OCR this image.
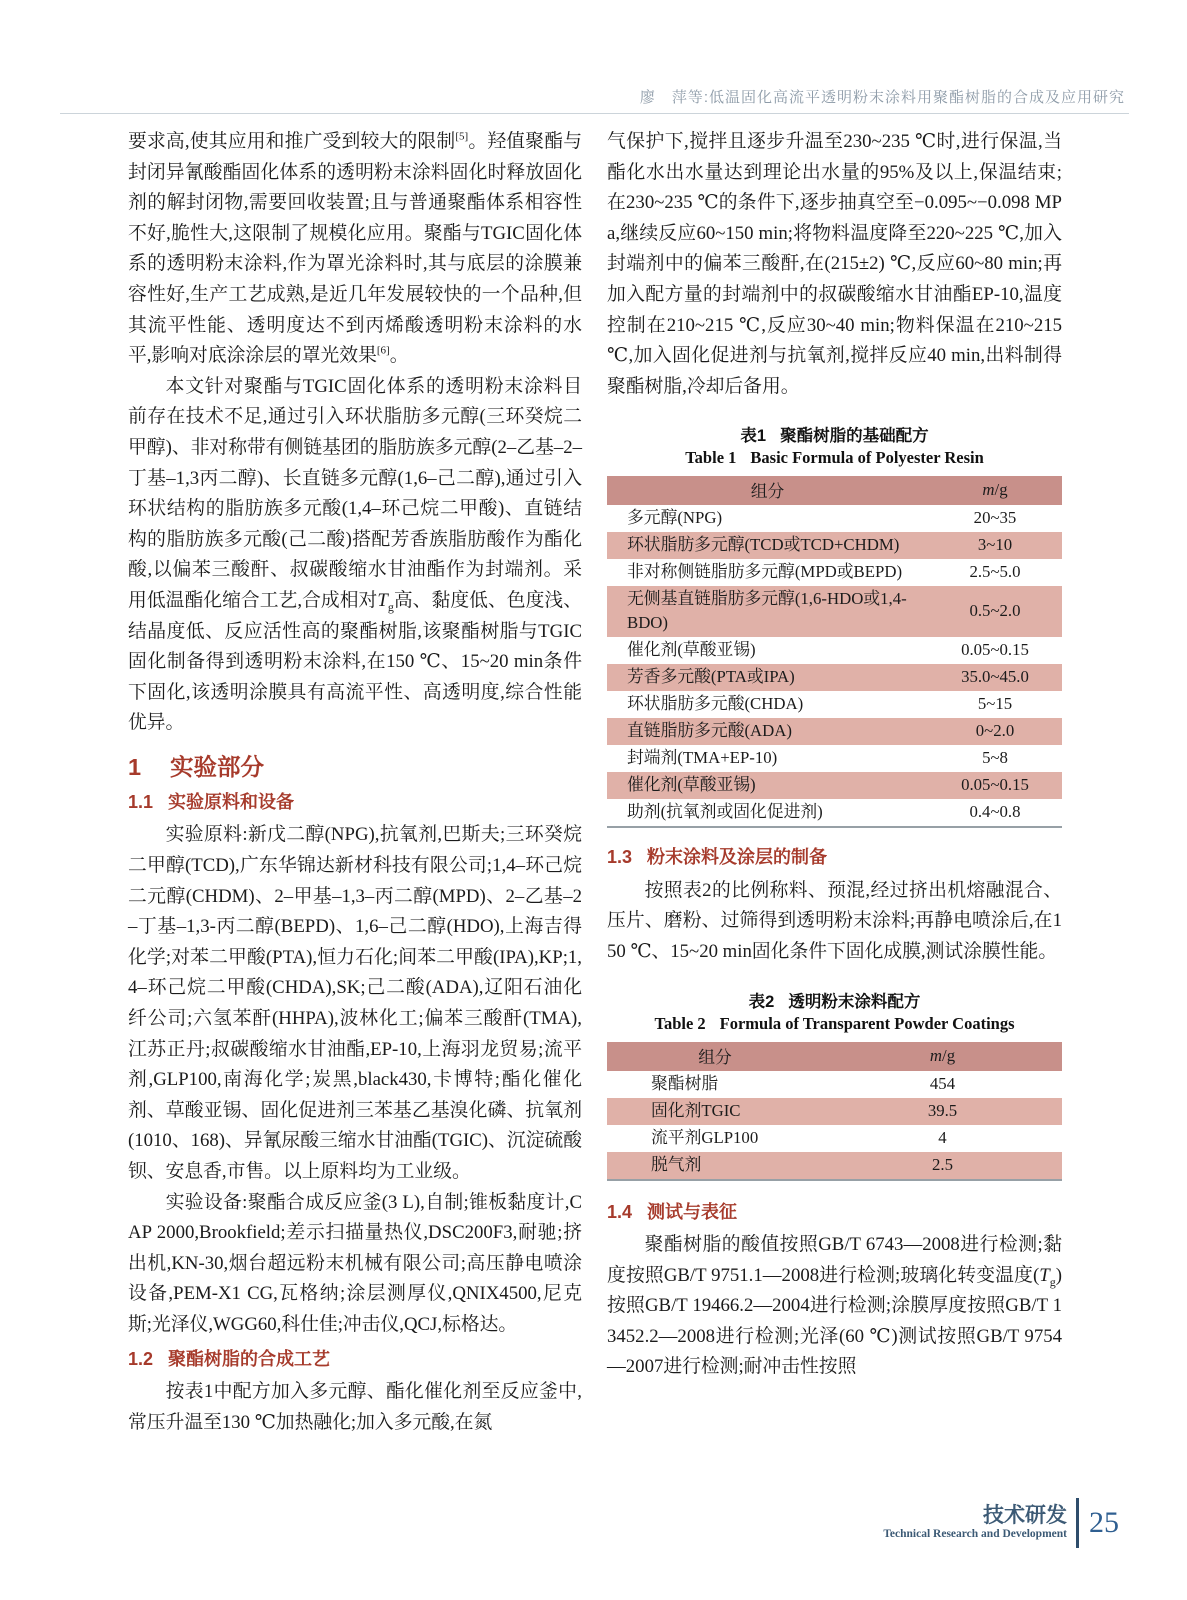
廖　萍等:低温固化高流平透明粉末涂料用聚酯树脂的合成及应用研究

要求高,使其应用和推广受到较大的限制[5]。羟值聚酯与封闭异氰酸酯固化体系的透明粉末涂料固化时释放固化剂的解封闭物,需要回收装置;且与普通聚酯体系相容性不好,脆性大,这限制了规模化应用。聚酯与TGIC固化体系的透明粉末涂料,作为罩光涂料时,其与底层的涂膜兼容性好,生产工艺成熟,是近几年发展较快的一个品种,但其流平性能、透明度达不到丙烯酸透明粉末涂料的水平,影响对底涂涂层的罩光效果[6]。

本文针对聚酯与TGIC固化体系的透明粉末涂料目前存在技术不足,通过引入环状脂肪多元醇(三环癸烷二甲醇)、非对称带有侧链基团的脂肪族多元醇(2–乙基–2–丁基–1,3丙二醇)、长直链多元醇(1,6–己二醇),通过引入环状结构的脂肪族多元酸(1,4–环己烷二甲酸)、直链结构的脂肪族多元酸(己二酸)搭配芳香族脂肪酸作为酯化酸,以偏苯三酸酐、叔碳酸缩水甘油酯作为封端剂。采用低温酯化缩合工艺,合成相对$T_g$高、黏度低、色度浅、结晶度低、反应活性高的聚酯树脂,该聚酯树脂与TGIC固化制备得到透明粉末涂料,在150 ℃、15~20 min条件下固化,该透明涂膜具有高流平性、高透明度,综合性能优异。

1 实验部分
1.1 实验原料和设备

实验原料:新戊二醇(NPG),抗氧剂,巴斯夫;三环癸烷二甲醇(TCD),广东华锦达新材科技有限公司;1,4–环己烷二元醇(CHDM)、2–甲基–1,3–丙二醇(MPD)、2–乙基–2–丁基–1,3-丙二醇(BEPD)、1,6–己二醇(HDO),上海吉得化学;对苯二甲酸(PTA),恒力石化;间苯二甲酸(IPA),KP;1,4–环己烷二甲酸(CHDA),SK;己二酸(ADA),辽阳石油化纤公司;六氢苯酐(HHPA),波林化工;偏苯三酸酐(TMA),江苏正丹;叔碳酸缩水甘油酯,EP-10,上海羽龙贸易;流平剂,GLP100,南海化学;炭黑,black430,卡博特;酯化催化剂、草酸亚锡、固化促进剂三苯基乙基溴化磷、抗氧剂(1010、168)、异氰尿酸三缩水甘油酯(TGIC)、沉淀硫酸钡、安息香,市售。以上原料均为工业级。

实验设备:聚酯合成反应釜(3 L),自制;锥板黏度计,CAP 2000,Brookfield;差示扫描量热仪,DSC200F3,耐驰;挤出机,KN-30,烟台超远粉末机械有限公司;高压静电喷涂设备,PEM-X1 CG,瓦格纳;涂层测厚仪,QNIX4500,尼克斯;光泽仪,WGG60,科仕佳;冲击仪,QCJ,标格达。

1.2 聚酯树脂的合成工艺

按表1中配方加入多元醇、酯化催化剂至反应釜中,常压升温至130 ℃加热融化;加入多元酸,在氮

气保护下,搅拌且逐步升温至230~235 ℃时,进行保温,当酯化水出水量达到理论出水量的95%及以上,保温结束;在230~235 ℃的条件下,逐步抽真空至−0.095~−0.098 MPa,继续反应60~150 min;将物料温度降至220~225 ℃,加入封端剂中的偏苯三酸酐,在(215±2) ℃,反应60~80 min;再加入配方量的封端剂中的叔碳酸缩水甘油酯EP-10,温度控制在210~215 ℃,反应30~40 min;物料保温在210~215 ℃,加入固化促进剂与抗氧剂,搅拌反应40 min,出料制得聚酯树脂,冷却后备用。

表1 聚酯树脂的基础配方
Table 1 Basic Formula of Polyester Resin
组分	m/g
多元醇(NPG)	20~35
环状脂肪多元醇(TCD或TCD+CHDM)	3~10
非对称侧链脂肪多元醇(MPD或BEPD)	2.5~5.0
无侧基直链脂肪多元醇(1,6-HDO或1,4-BDO)	0.5~2.0
催化剂(草酸亚锡)	0.05~0.15
芳香多元酸(PTA或IPA)	35.0~45.0
环状脂肪多元酸(CHDA)	5~15
直链脂肪多元酸(ADA)	0~2.0
封端剂(TMA+EP-10)	5~8
催化剂(草酸亚锡)	0.05~0.15
助剂(抗氧剂或固化促进剂)	0.4~0.8
1.3 粉末涂料及涂层的制备

按照表2的比例称料、预混,经过挤出机熔融混合、压片、磨粉、过筛得到透明粉末涂料;再静电喷涂后,在150 ℃、15~20 min固化条件下固化成膜,测试涂膜性能。

表2 透明粉末涂料配方
Table 2 Formula of Transparent Powder Coatings
组分	m/g
聚酯树脂	454
固化剂TGIC	39.5
流平剂GLP100	4
脱气剂	2.5
1.4 测试与表征

聚酯树脂的酸值按照GB/T 6743—2008进行检测;黏度按照GB/T 9751.1—2008进行检测;玻璃化转变温度$(T_g)$按照GB/T 19466.2—2004进行检测;涂膜厚度按照GB/T 13452.2—2008进行检测;光泽(60 ℃)测试按照GB/T 9754—2007进行检测;耐冲击性按照

技术研发
Technical Research and Development 25
